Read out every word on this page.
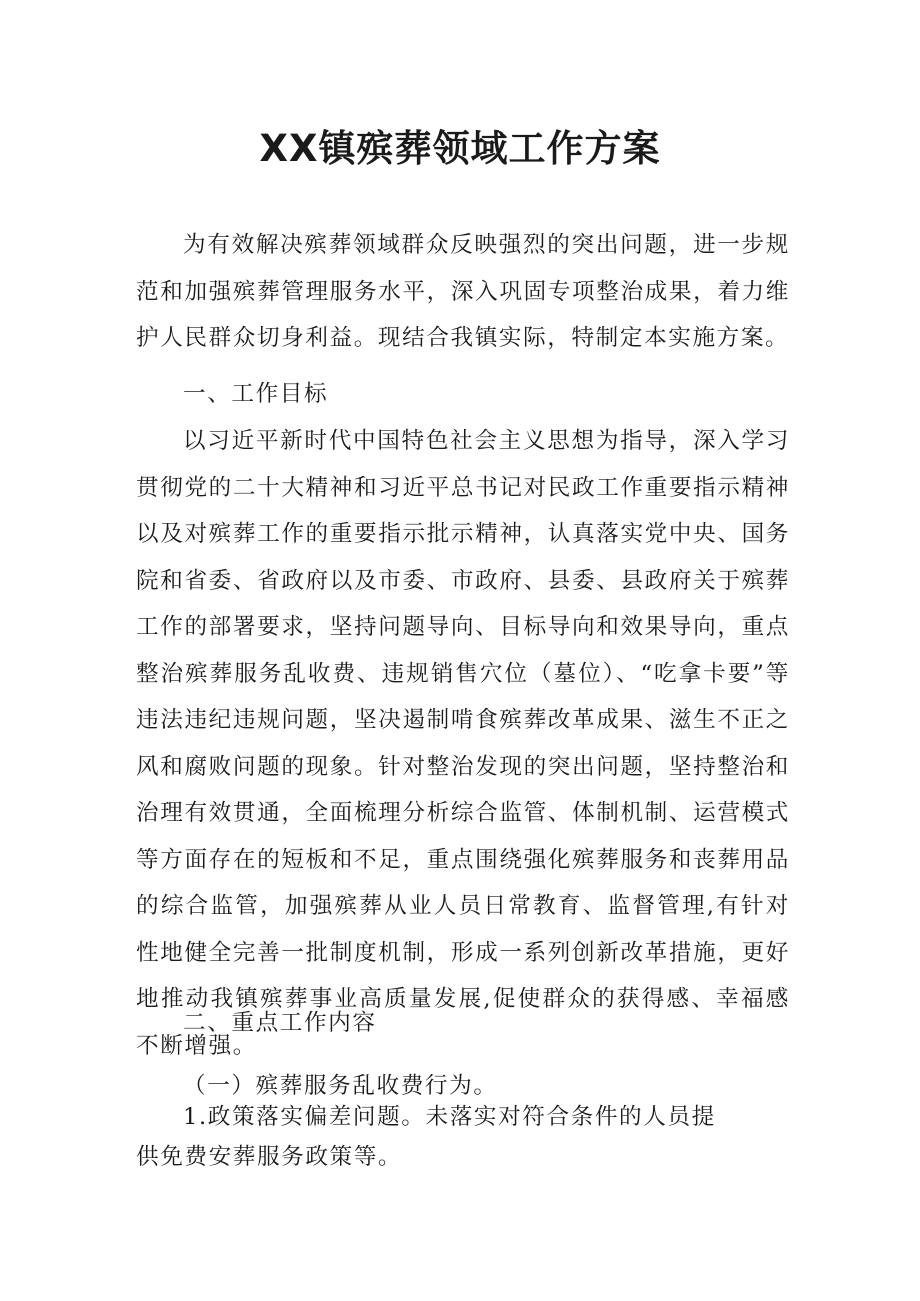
XX镇殡葬领域工作方案

为有效解决殡葬领域群众反映强烈的突出问题，进一步规范和加强殡葬管理服务水平，深入巩固专项整治成果，着力维护人民群众切身利益。现结合我镇实际，特制定本实施方案。

一、工作目标

以习近平新时代中国特色社会主义思想为指导，深入学习贯彻党的二十大精神和习近平总书记对民政工作重要指示精神以及对殡葬工作的重要指示批示精神，认真落实党中央、国务院和省委、省政府以及市委、市政府、县委、县政府关于殡葬工作的部署要求，坚持问题导向、目标导向和效果导向，重点整治殡葬服务乱收费、违规销售穴位（墓位）、“吃拿卡要”等违法违纪违规问题，坚决遏制啃食殡葬改革成果、滋生不正之风和腐败问题的现象。针对整治发现的突出问题，坚持整治和治理有效贯通，全面梳理分析综合监管、体制机制、运营模式等方面存在的短板和不足，重点围绕强化殡葬服务和丧葬用品的综合监管，加强殡葬从业人员日常教育、监督管理,有针对性地健全完善一批制度机制，形成一系列创新改革措施，更好地推动我镇殡葬事业高质量发展,促使群众的获得感、幸福感不断增强。

二、重点工作内容

（一）殡葬服务乱收费行为。

1.政策落实偏差问题。未落实对符合条件的人员提供免费安葬服务政策等。
